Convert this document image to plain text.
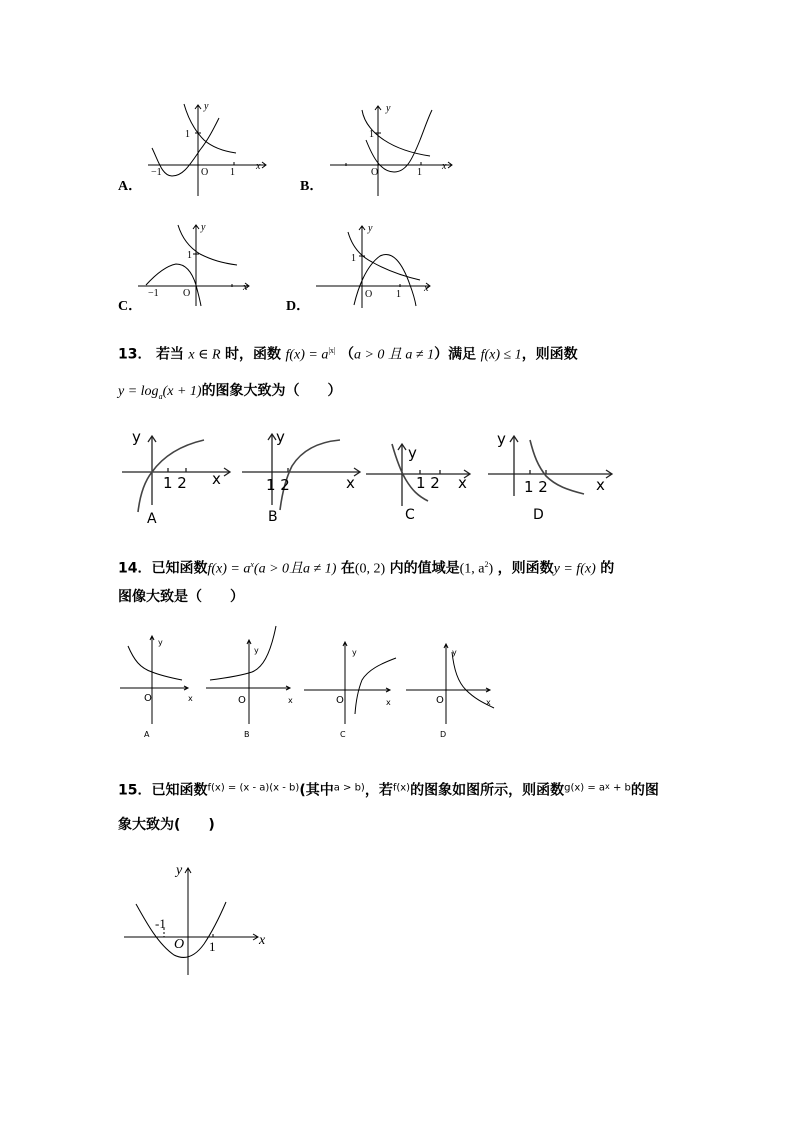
A．
1
−1	O 1
x
y
B．
1
O	1
x
y
C．
1
−1 O
x
y
D．
1
O 1
x
y
13． 若当 x ∈ R 时，函数 $f(x) = a^{|x|}$ （a > 0 且 a ≠ 1）满足 f(x) ≤ 1，则函数
$y = \log_a(x + 1)$的图象大致为（　　）
y
x
1 2
A
y
x
1 2
B
y
x
1 2
C
y
x
1 2
D
14．已知函数$f(x) = a^x(a > 0$且a ≠ 1) 在(0, 2) 内的值域是(1, $a^2$) ，则函数y = f(x) 的
图像大致是（　　）
y
x
O
A
y
x
O
B
y
x
O
C
y
x
O
D
15．已知函数$^{f(x) = (x - a)(x - b)}$(其中$^{a > b)}$，若$^{f(x)}$的图象如图所示，则函数$^{g(x) = ax}$ $^{+ b}$的图
象大致为(　　)
y
x
O
-1
1
